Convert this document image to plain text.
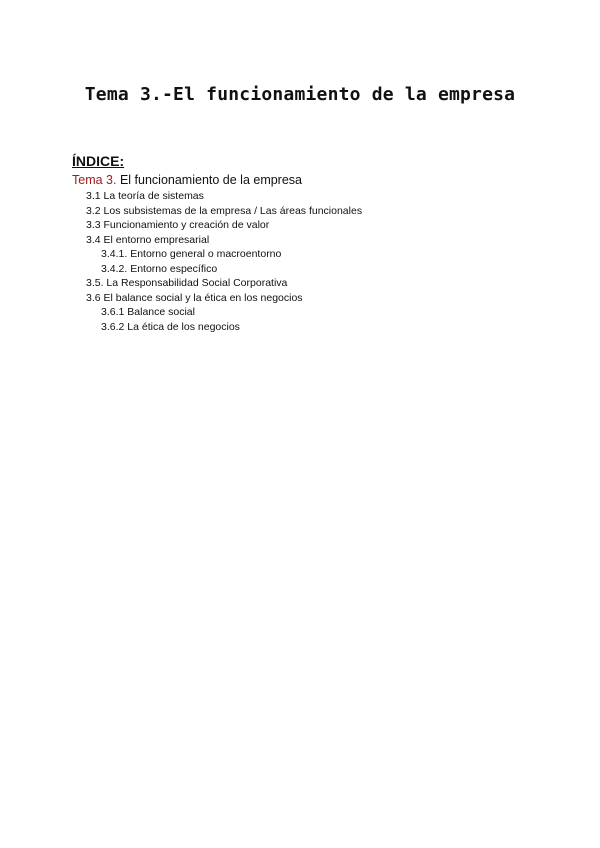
Tema 3.-El funcionamiento de la empresa
ÍNDICE:
Tema 3. El funcionamiento de la empresa
3.1 La teoría de sistemas
3.2 Los subsistemas de la empresa / Las áreas funcionales
3.3 Funcionamiento y creación de valor
3.4 El entorno empresarial
3.4.1. Entorno general o macroentorno
3.4.2. Entorno específico
3.5. La Responsabilidad Social Corporativa
3.6 El balance social y la ética en los negocios
3.6.1 Balance social
3.6.2 La ética de los negocios
